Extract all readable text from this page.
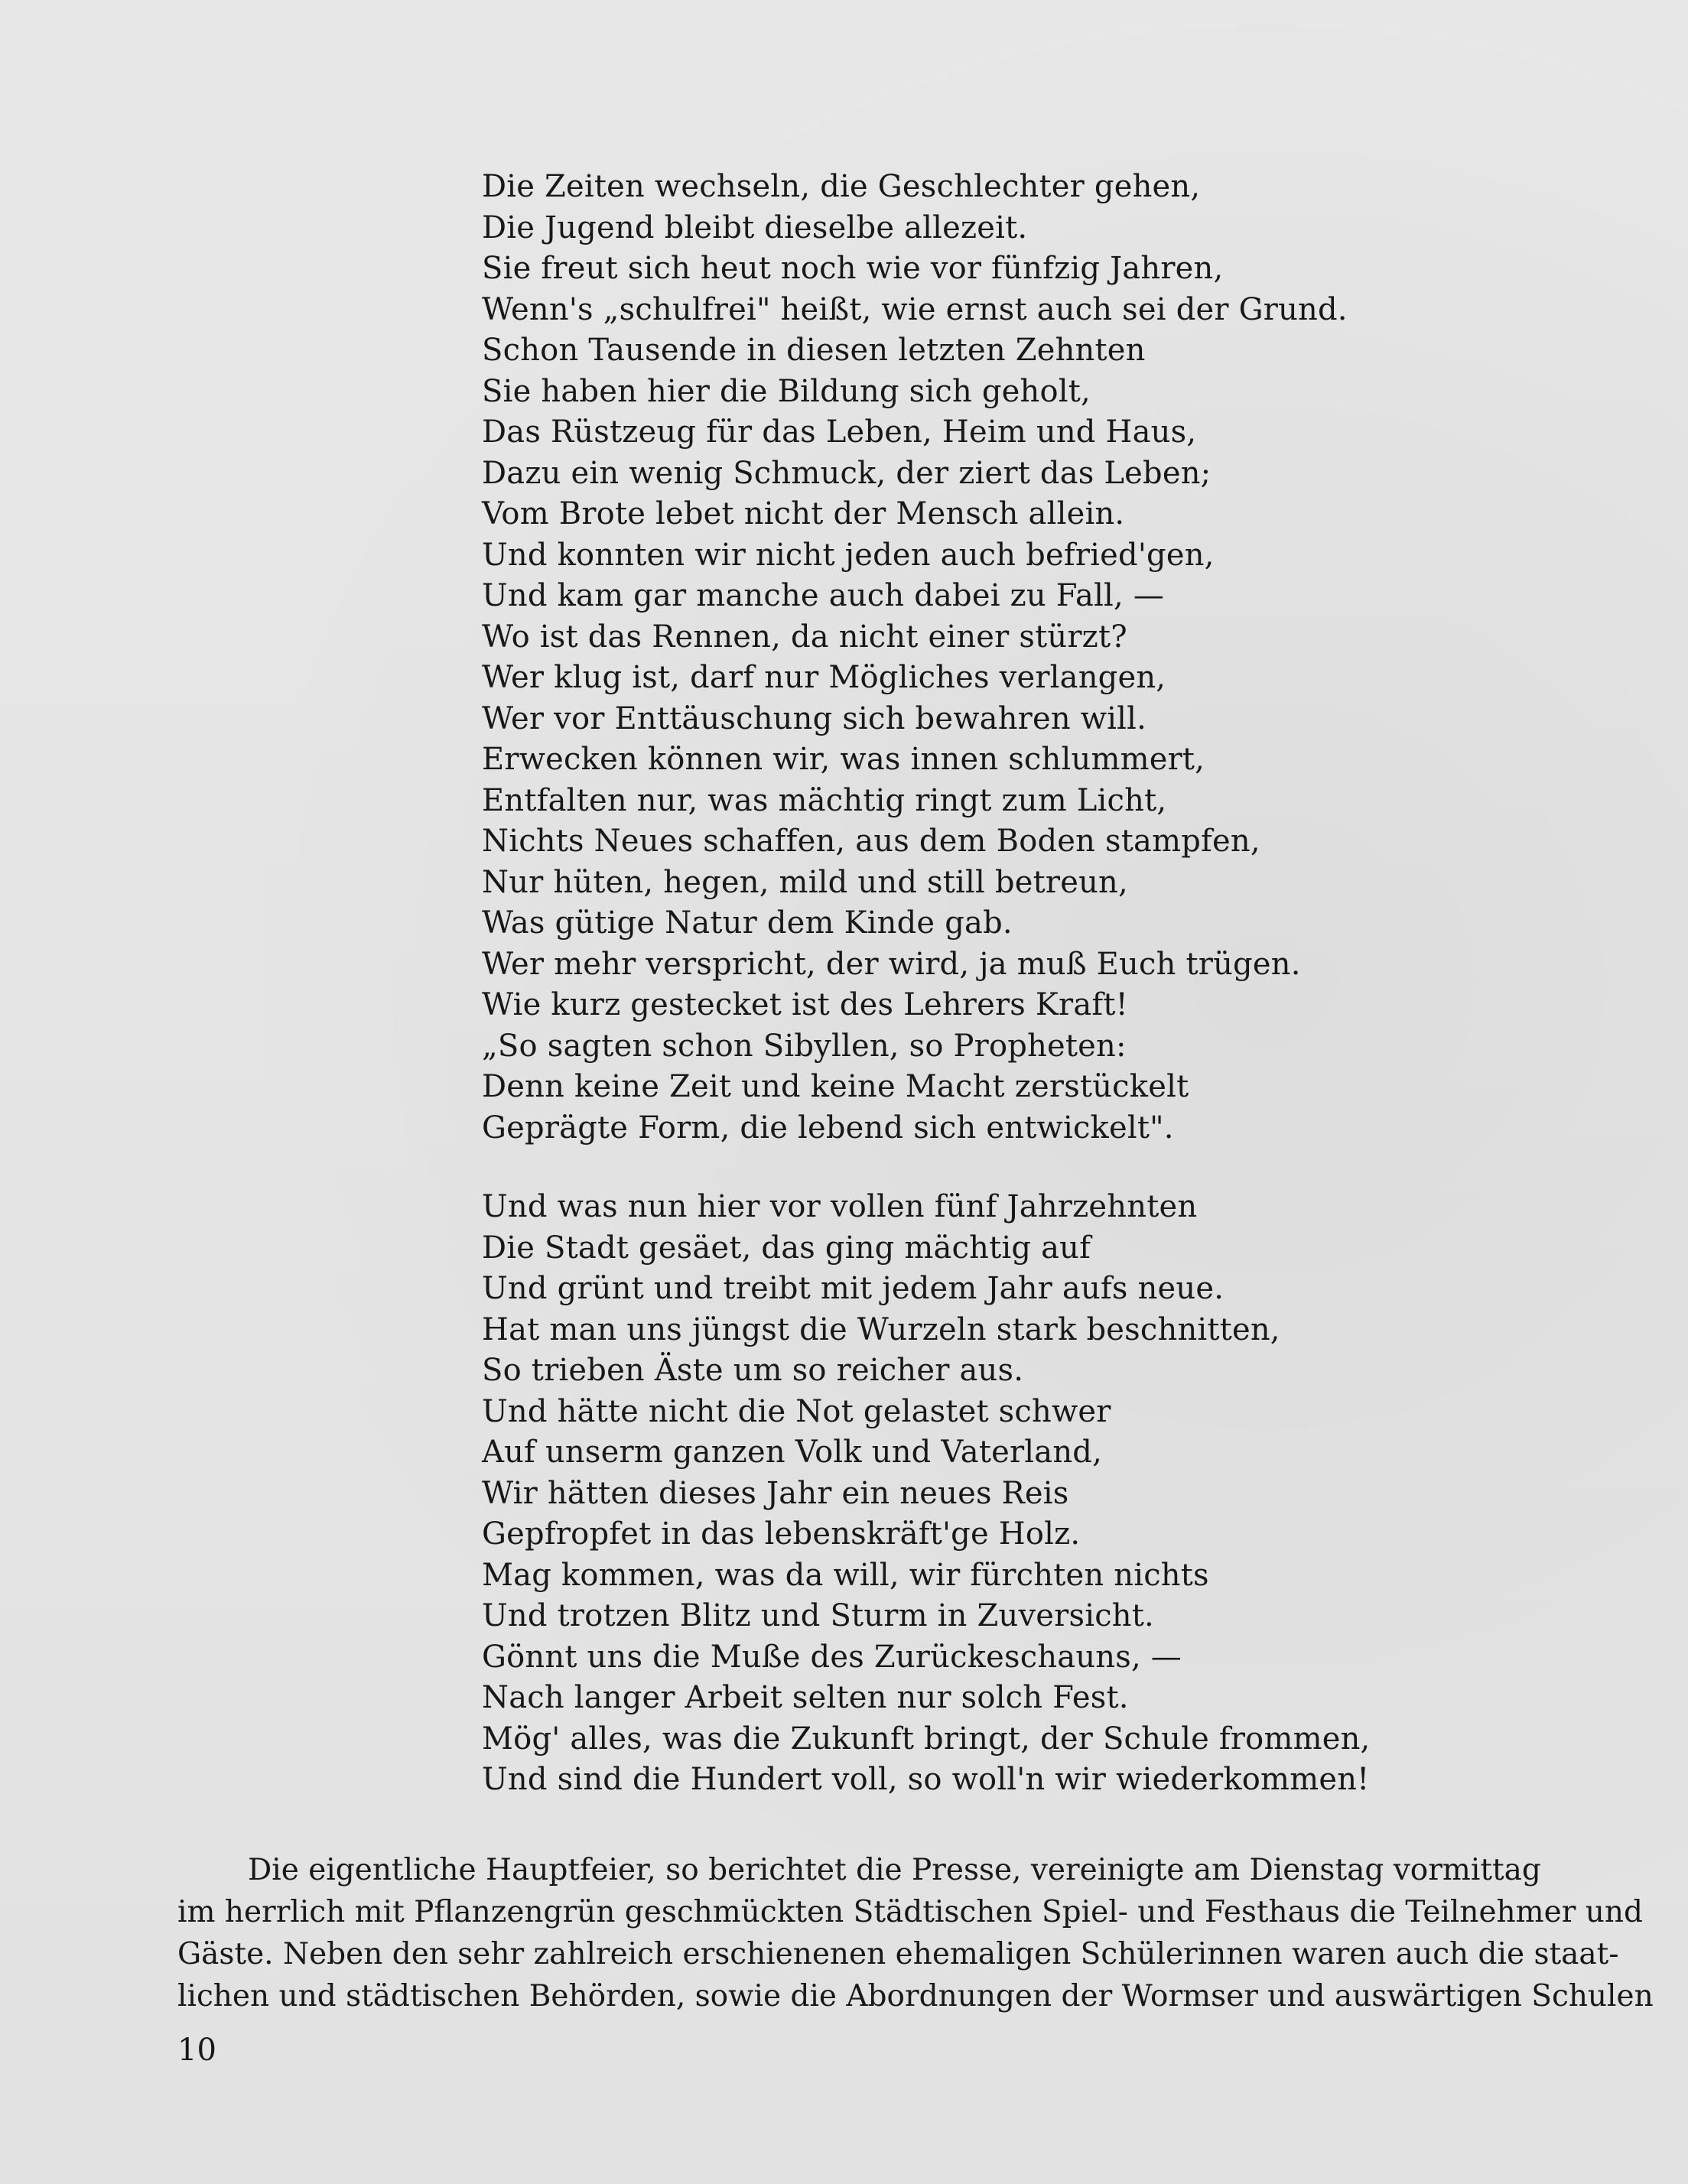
Die Zeiten wechseln, die Geschlechter gehen,
Die Jugend bleibt dieselbe allezeit.
Sie freut sich heut noch wie vor fünfzig Jahren,
Wenn's „schulfrei" heißt, wie ernst auch sei der Grund.
Schon Tausende in diesen letzten Zehnten
Sie haben hier die Bildung sich geholt,
Das Rüstzeug für das Leben, Heim und Haus,
Dazu ein wenig Schmuck, der ziert das Leben;
Vom Brote lebet nicht der Mensch allein.
Und konnten wir nicht jeden auch befried'gen,
Und kam gar manche auch dabei zu Fall, —
Wo ist das Rennen, da nicht einer stürzt?
Wer klug ist, darf nur Mögliches verlangen,
Wer vor Enttäuschung sich bewahren will.
Erwecken können wir, was innen schlummert,
Entfalten nur, was mächtig ringt zum Licht,
Nichts Neues schaffen, aus dem Boden stampfen,
Nur hüten, hegen, mild und still betreun,
Was gütige Natur dem Kinde gab.
Wer mehr verspricht, der wird, ja muß Euch trügen.
Wie kurz gestecket ist des Lehrers Kraft!
„So sagten schon Sibyllen, so Propheten:
Denn keine Zeit und keine Macht zerstückelt
Geprägte Form, die lebend sich entwickelt".
Und was nun hier vor vollen fünf Jahrzehnten
Die Stadt gesäet, das ging mächtig auf
Und grünt und treibt mit jedem Jahr aufs neue.
Hat man uns jüngst die Wurzeln stark beschnitten,
So trieben Äste um so reicher aus.
Und hätte nicht die Not gelastet schwer
Auf unserm ganzen Volk und Vaterland,
Wir hätten dieses Jahr ein neues Reis
Gepfropfet in das lebenskräft'ge Holz.
Mag kommen, was da will, wir fürchten nichts
Und trotzen Blitz und Sturm in Zuversicht.
Gönnt uns die Muße des Zurückeschauns, —
Nach langer Arbeit selten nur solch Fest.
Mög' alles, was die Zukunft bringt, der Schule frommen,
Und sind die Hundert voll, so woll'n wir wiederkommen!
Die eigentliche Hauptfeier, so berichtet die Presse, vereinigte am Dienstag vormittag
im herrlich mit Pflanzengrün geschmückten Städtischen Spiel- und Festhaus die Teilnehmer und
Gäste. Neben den sehr zahlreich erschienenen ehemaligen Schülerinnen waren auch die staat-
lichen und städtischen Behörden, sowie die Abordnungen der Wormser und auswärtigen Schulen
10
